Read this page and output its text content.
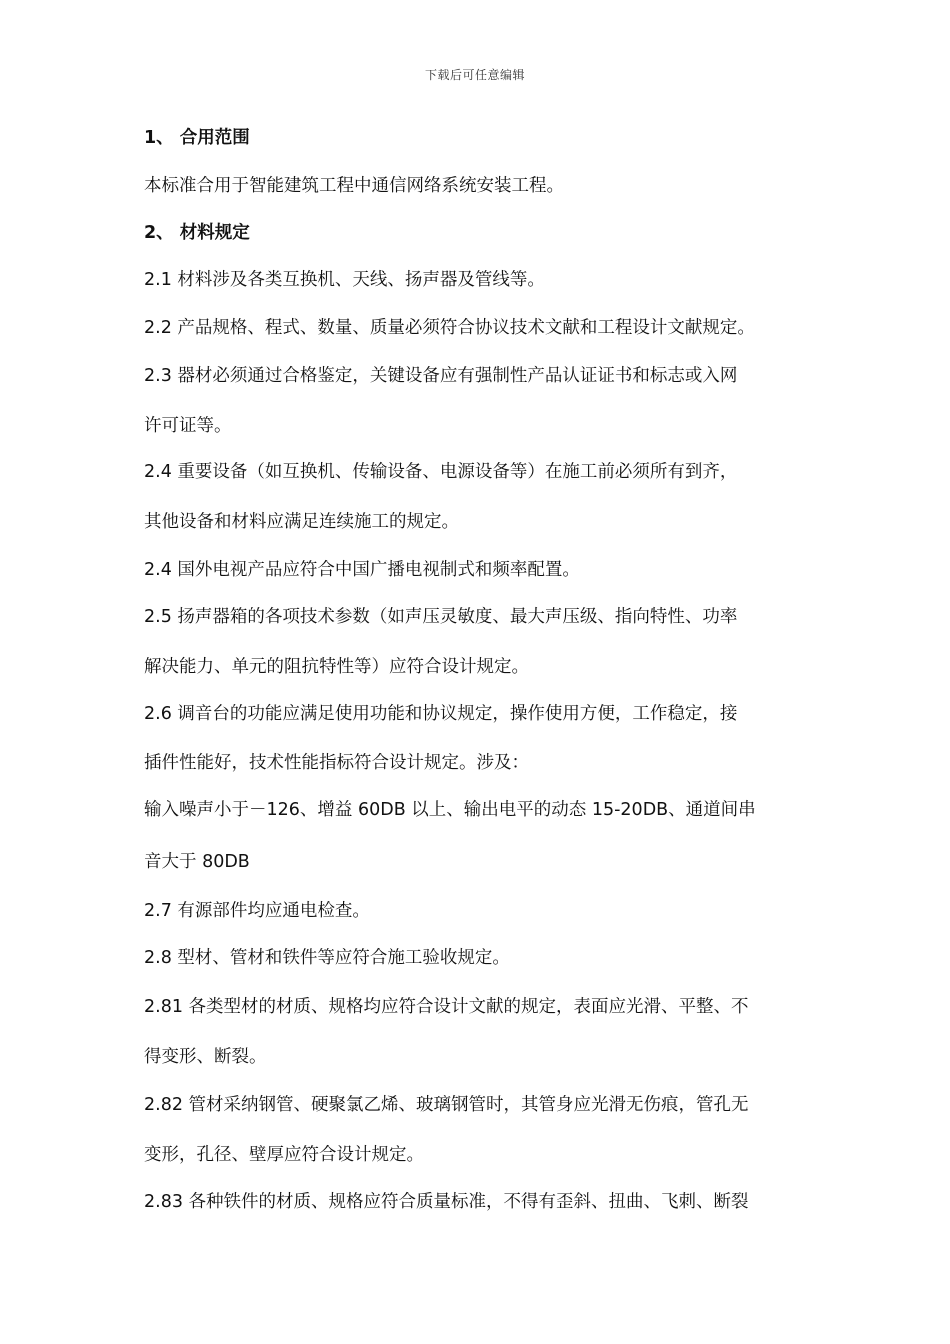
下载后可任意编辑
1、 合用范围
本标准合用于智能建筑工程中通信网络系统安装工程。
2、 材料规定
2.1 材料涉及各类互换机、天线、扬声器及管线等。
2.2 产品规格、程式、数量、质量必须符合协议技术文献和工程设计文献规定。
2.3 器材必须通过合格鉴定，关键设备应有强制性产品认证证书和标志或入网
许可证等。
2.4 重要设备（如互换机、传输设备、电源设备等）在施工前必须所有到齐，
其他设备和材料应满足连续施工的规定。
2.4 国外电视产品应符合中国广播电视制式和频率配置。
2.5 扬声器箱的各项技术参数（如声压灵敏度、最大声压级、指向特性、功率
解决能力、单元的阻抗特性等）应符合设计规定。
2.6 调音台的功能应满足使用功能和协议规定，操作使用方便，工作稳定，接
插件性能好，技术性能指标符合设计规定。涉及：
输入噪声小于－126、增益 60DB 以上、输出电平的动态 15-20DB、通道间串
音大于 80DB
2.7 有源部件均应通电检查。
2.8 型材、管材和铁件等应符合施工验收规定。
2.81 各类型材的材质、规格均应符合设计文献的规定，表面应光滑、平整、不
得变形、断裂。
2.82 管材采纳钢管、硬聚氯乙烯、玻璃钢管时，其管身应光滑无伤痕，管孔无
变形，孔径、壁厚应符合设计规定。
2.83 各种铁件的材质、规格应符合质量标准，不得有歪斜、扭曲、飞刺、断裂
